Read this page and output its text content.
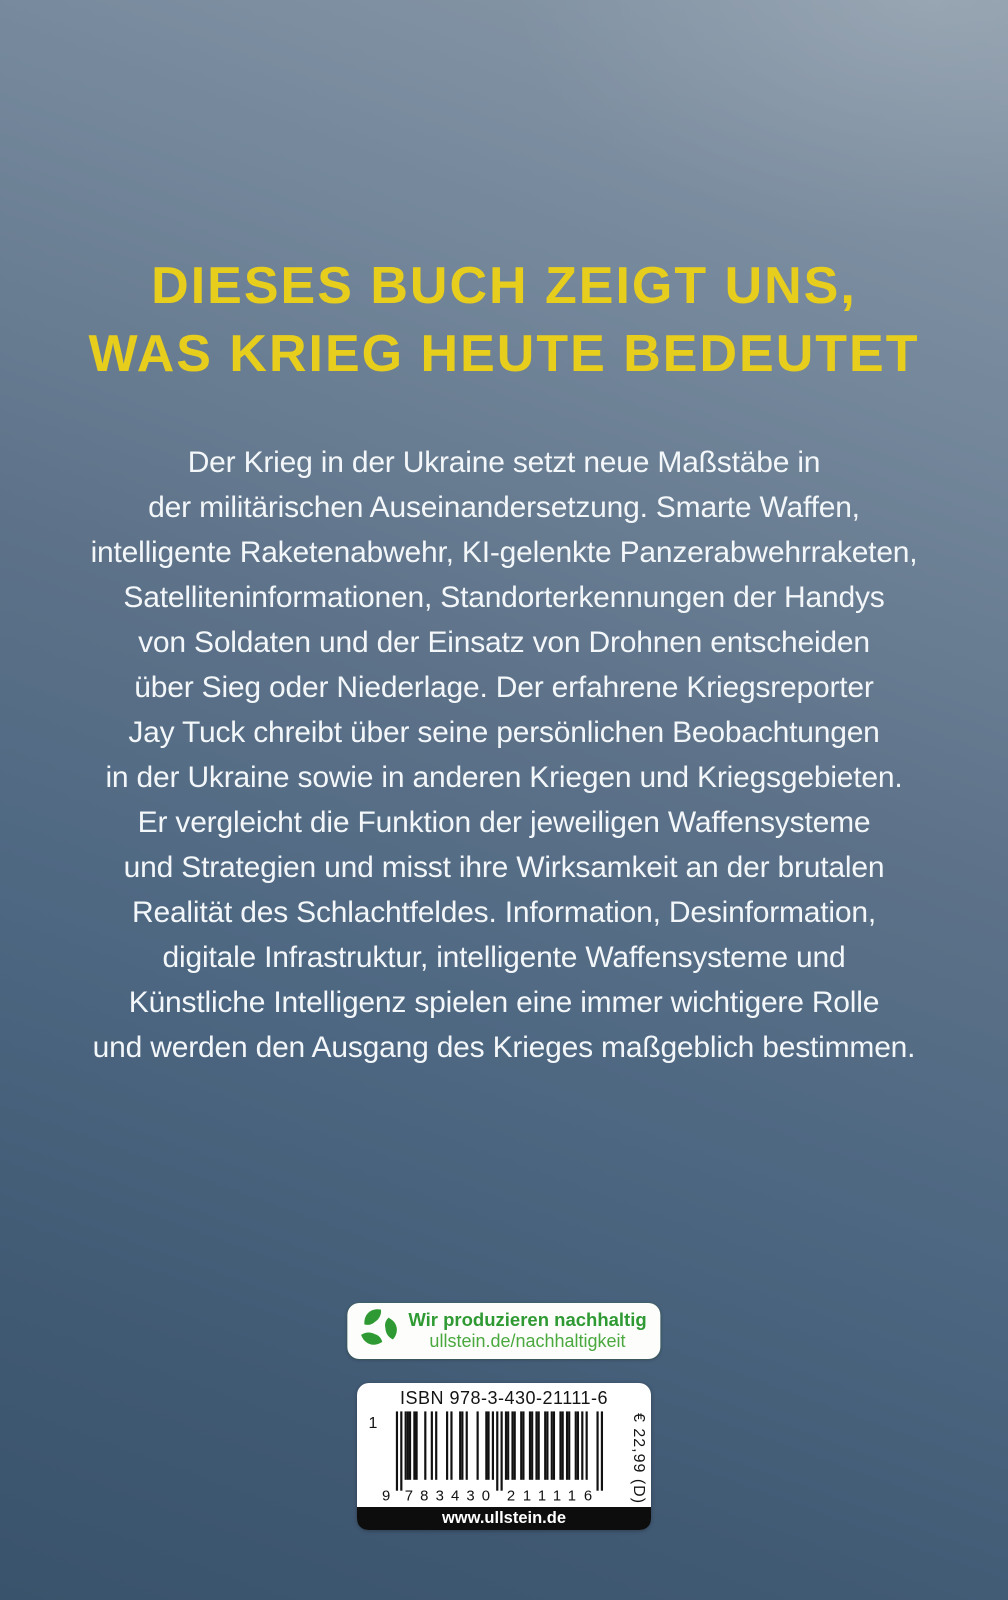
DIESES BUCH ZEIGT UNS,
WAS KRIEG HEUTE BEDEUTET
Der Krieg in der Ukraine setzt neue Maßstäbe in
der militärischen Auseinandersetzung. Smarte Waffen,
intelligente Raketenabwehr, KI-gelenkte Panzerabwehrraketen,
Satelliteninformationen, Standorterkennungen der Handys
von Soldaten und der Einsatz von Drohnen entscheiden
über Sieg oder Niederlage. Der erfahrene Kriegsreporter
Jay Tuck chreibt über seine persönlichen Beobachtungen
in der Ukraine sowie in anderen Kriegen und Kriegsgebieten.
Er vergleicht die Funktion der jeweiligen Waffensysteme
und Strategien und misst ihre Wirksamkeit an der brutalen
Realität des Schlachtfeldes. Information, Desinformation,
digitale Infrastruktur, intelligente Waffensysteme und
Künstliche Intelligenz spielen eine immer wichtigere Rolle
und werden den Ausgang des Krieges maßgeblich bestimmen.
Wir produzieren nachhaltig
ullstein.de/nachhaltigkeit
ISBN 978-3-430-21111-6
1
9 783430 211116	€ 22,99 (D)
www.ullstein.de
